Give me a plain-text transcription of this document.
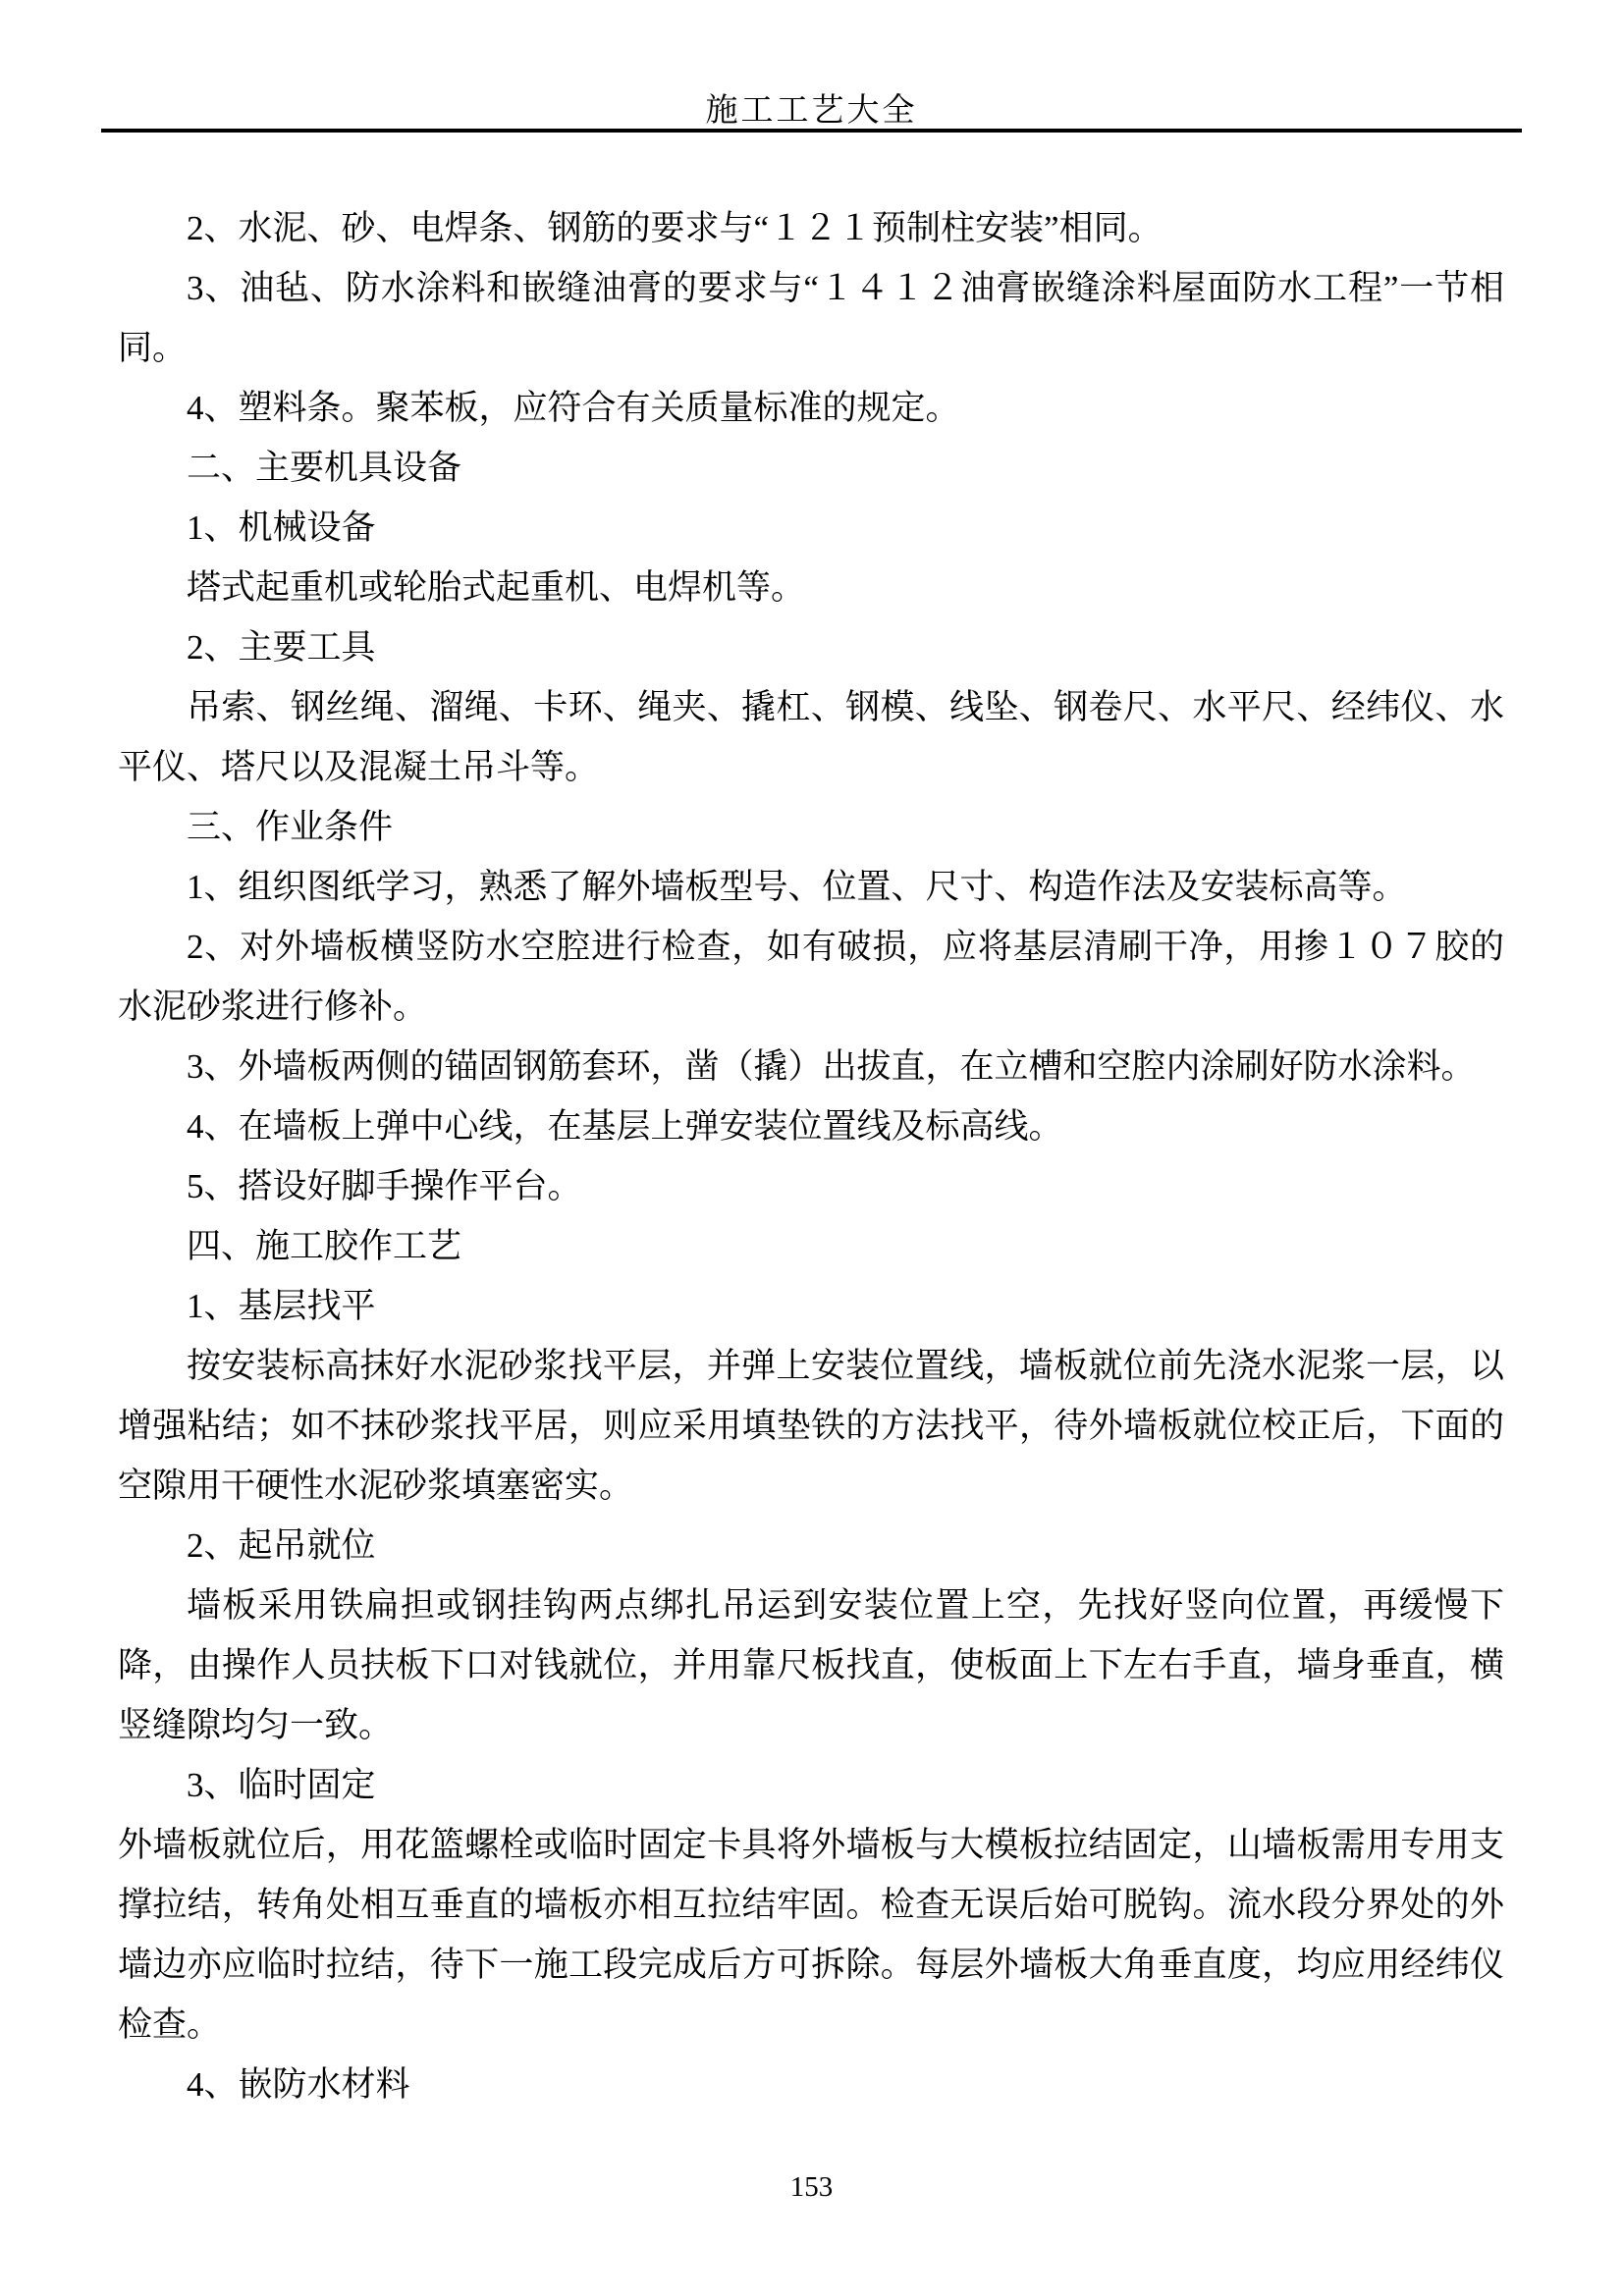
施工工艺大全

2、水泥、砂、电焊条、钢筋的要求与“１２１预制柱安装”相同。

3、油毡、防水涂料和嵌缝油膏的要求与“１４１２油膏嵌缝涂料屋面防水工程”一节相同。

4、塑料条。聚苯板，应符合有关质量标准的规定。

二、主要机具设备

1、机械设备

塔式起重机或轮胎式起重机、电焊机等。

2、主要工具

吊索、钢丝绳、溜绳、卡环、绳夹、撬杠、钢模、线坠、钢卷尺、水平尺、经纬仪、水平仪、塔尺以及混凝土吊斗等。

三、作业条件

1、组织图纸学习，熟悉了解外墙板型号、位置、尺寸、构造作法及安装标高等。

2、对外墙板横竖防水空腔进行检查，如有破损，应将基层清刷干净，用掺１０７胶的水泥砂浆进行修补。

3、外墙板两侧的锚固钢筋套环，凿（撬）出拔直，在立槽和空腔内涂刷好防水涂料。

4、在墙板上弹中心线，在基层上弹安装位置线及标高线。

5、搭设好脚手操作平台。

四、施工胶作工艺

1、基层找平

按安装标高抹好水泥砂浆找平层，并弹上安装位置线，墙板就位前先浇水泥浆一层，以增强粘结；如不抹砂浆找平居，则应采用填垫铁的方法找平，待外墙板就位校正后，下面的空隙用干硬性水泥砂浆填塞密实。

2、起吊就位

墙板采用铁扁担或钢挂钩两点绑扎吊运到安装位置上空，先找好竖向位置，再缓慢下降，由操作人员扶板下口对钱就位，并用靠尺板找直，使板面上下左右手直，墙身垂直，横竖缝隙均匀一致。

3、临时固定

外墙板就位后，用花篮螺栓或临时固定卡具将外墙板与大模板拉结固定，山墙板需用专用支撑拉结，转角处相互垂直的墙板亦相互拉结牢固。检查无误后始可脱钩。流水段分界处的外墙边亦应临时拉结，待下一施工段完成后方可拆除。每层外墙板大角垂直度，均应用经纬仪检查。

4、嵌防水材料

153
